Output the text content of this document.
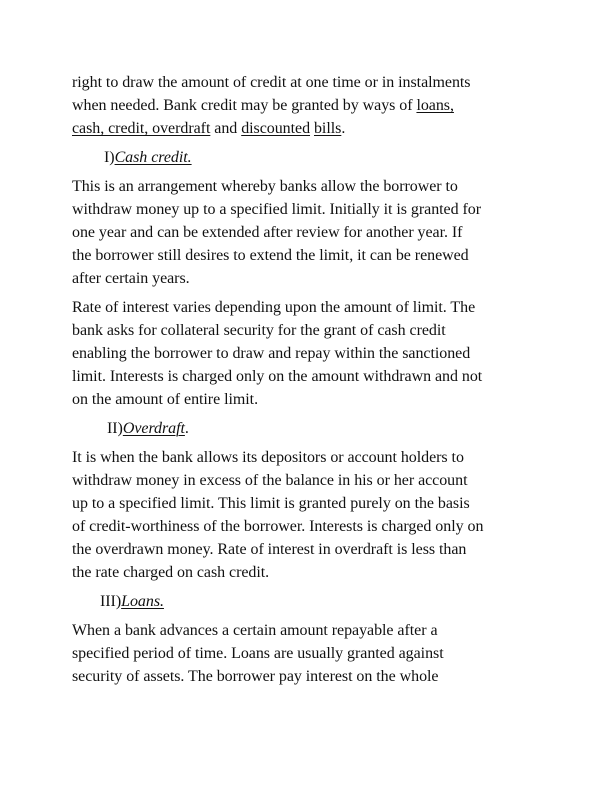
right to draw the amount of credit at one time or in instalments
when needed. Bank credit may be granted by ways of loans,
cash, credit, overdraft and discounted bills.

I)Cash credit.

This is an arrangement whereby banks allow the borrower to
withdraw money up to a specified limit. Initially it is granted for
one year and can be extended after review for another year. If
the borrower still desires to extend the limit, it can be renewed
after certain years.

Rate of interest varies depending upon the amount of limit. The
bank asks for collateral security for the grant of cash credit
enabling the borrower to draw and repay within the sanctioned
limit. Interests is charged only on the amount withdrawn and not
on the amount of entire limit.

II)Overdraft.

It is when the bank allows its depositors or account holders to
withdraw money in excess of the balance in his or her account
up to a specified limit. This limit is granted purely on the basis
of credit-worthiness of the borrower. Interests is charged only on
the overdrawn money. Rate of interest in overdraft is less than
the rate charged on cash credit.

III)Loans.

When a bank advances a certain amount repayable after a
specified period of time. Loans are usually granted against
security of assets. The borrower pay interest on the whole
